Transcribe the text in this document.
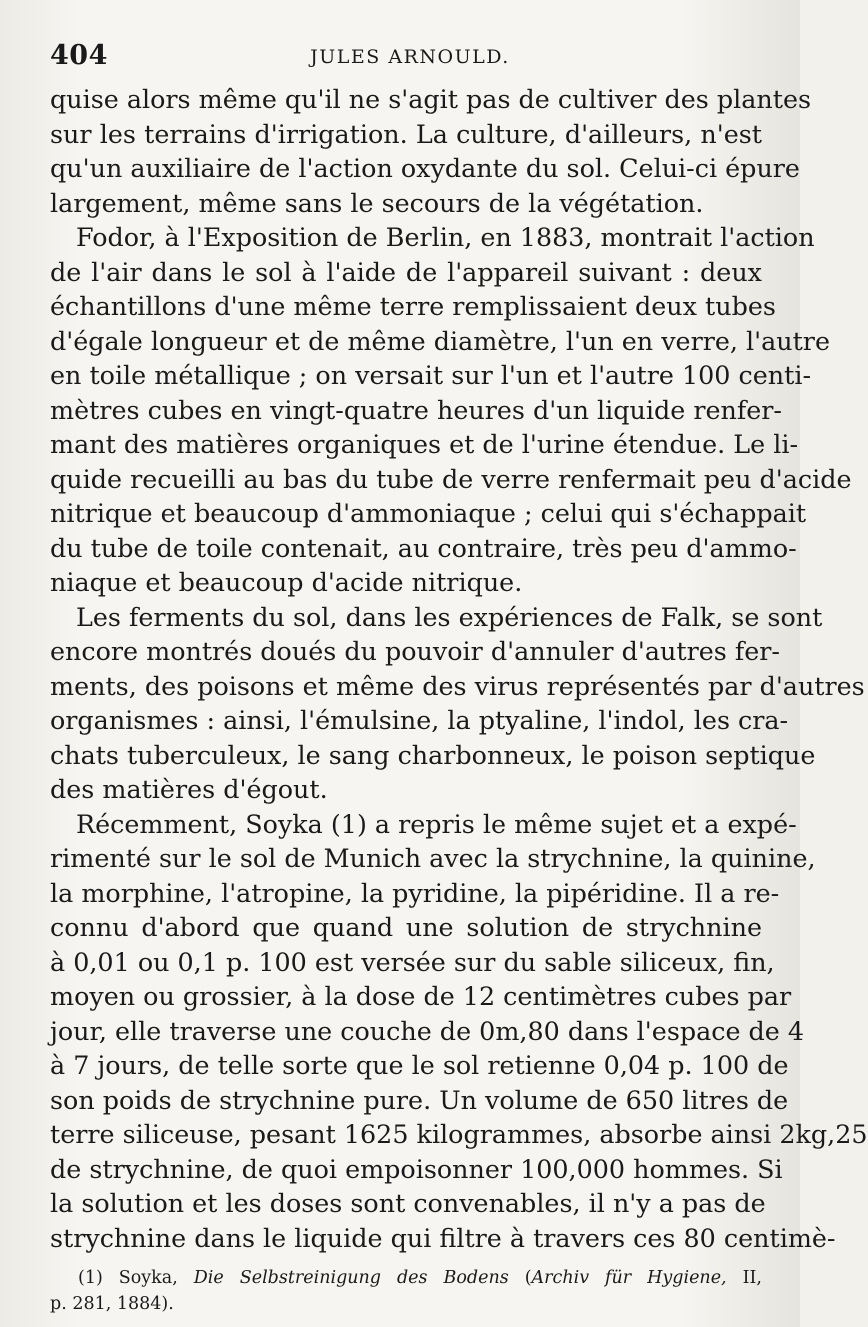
404	JULES ARNOULD.
quise alors même qu'il ne s'agit pas de cultiver des plantes
sur les terrains d'irrigation. La culture, d'ailleurs, n'est
qu'un auxiliaire de l'action oxydante du sol. Celui-ci épure
largement, même sans le secours de la végétation.
Fodor, à l'Exposition de Berlin, en 1883, montrait l'action
de l'air dans le sol à l'aide de l'appareil suivant : deux
échantillons d'une même terre remplissaient deux tubes
d'égale longueur et de même diamètre, l'un en verre, l'autre
en toile métallique ; on versait sur l'un et l'autre 100 centi-
mètres cubes en vingt-quatre heures d'un liquide renfer-
mant des matières organiques et de l'urine étendue. Le li-
quide recueilli au bas du tube de verre renfermait peu d'acide
nitrique et beaucoup d'ammoniaque ; celui qui s'échappait
du tube de toile contenait, au contraire, très peu d'ammo-
niaque et beaucoup d'acide nitrique.
Les ferments du sol, dans les expériences de Falk, se sont
encore montrés doués du pouvoir d'annuler d'autres fer-
ments, des poisons et même des virus représentés par d'autres
organismes : ainsi, l'émulsine, la ptyaline, l'indol, les cra-
chats tuberculeux, le sang charbonneux, le poison septique
des matières d'égout.
Récemment, Soyka (1) a repris le même sujet et a expé-
rimenté sur le sol de Munich avec la strychnine, la quinine,
la morphine, l'atropine, la pyridine, la pipéridine. Il a re-
connu d'abord que quand une solution de strychnine
à 0,01 ou 0,1 p. 100 est versée sur du sable siliceux, fin,
moyen ou grossier, à la dose de 12 centimètres cubes par
jour, elle traverse une couche de 0m,80 dans l'espace de 4
à 7 jours, de telle sorte que le sol retienne 0,04 p. 100 de
son poids de strychnine pure. Un volume de 650 litres de
terre siliceuse, pesant 1625 kilogrammes, absorbe ainsi 2kg,25
de strychnine, de quoi empoisonner 100,000 hommes. Si
la solution et les doses sont convenables, il n'y a pas de
strychnine dans le liquide qui filtre à travers ces 80 centimè-
(1) Soyka, Die Selbstreinigung des Bodens (Archiv für Hygiene, II,
p. 281, 1884).
